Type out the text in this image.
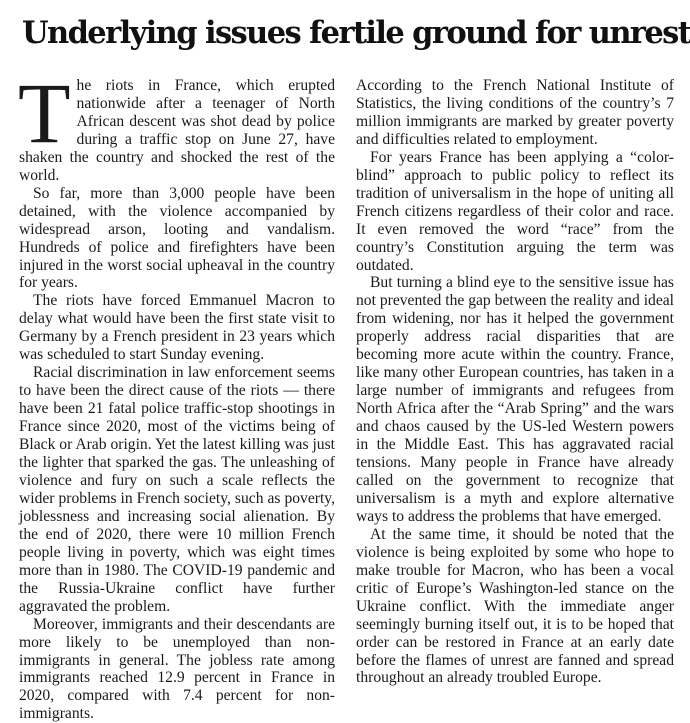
Underlying issues fertile ground for unrest

The riots in France, which erupted nationwide after a teenager of North African descent was shot dead by police during a traffic stop on June 27, have shaken the country and shocked the rest of the world.

So far, more than 3,000 people have been detained, with the violence accompanied by widespread arson, looting and vandalism. Hundreds of police and firefighters have been injured in the worst social upheaval in the country for years.

The riots have forced Emmanuel Macron to delay what would have been the first state visit to Germany by a French president in 23 years which was scheduled to start Sunday evening.

Racial discrimination in law enforcement seems to have been the direct cause of the riots — there have been 21 fatal police traffic-stop shootings in France since 2020, most of the victims being of Black or Arab origin. Yet the latest killing was just the lighter that sparked the gas. The unleashing of violence and fury on such a scale reflects the wider problems in French society, such as poverty, joblessness and increasing social alienation. By the end of 2020, there were 10 million French people living in poverty, which was eight times more than in 1980. The COVID-19 pandemic and the Russia-Ukraine conflict have further aggravated the problem.

Moreover, immigrants and their descendants are more likely to be unemployed than non-immigrants in general. The jobless rate among immigrants reached 12.9 percent in France in 2020, compared with 7.4 percent for non-immigrants.

According to the French National Institute of Statistics, the living conditions of the country’s 7 million immigrants are marked by greater poverty and difficulties related to employment.

For years France has been applying a “color-blind” approach to public policy to reflect its tradition of universalism in the hope of uniting all French citizens regardless of their color and race. It even removed the word “race” from the country’s Constitution arguing the term was outdated.

But turning a blind eye to the sensitive issue has not prevented the gap between the reality and ideal from widening, nor has it helped the government properly address racial disparities that are becoming more acute within the country. France, like many other European countries, has taken in a large number of immigrants and refugees from North Africa after the “Arab Spring” and the wars and chaos caused by the US-led Western powers in the Middle East. This has aggravated racial tensions. Many people in France have already called on the government to recognize that universalism is a myth and explore alternative ways to address the problems that have emerged.

At the same time, it should be noted that the violence is being exploited by some who hope to make trouble for Macron, who has been a vocal critic of Europe’s Washington-led stance on the Ukraine conflict. With the immediate anger seemingly burning itself out, it is to be hoped that order can be restored in France at an early date before the flames of unrest are fanned and spread throughout an already troubled Europe.
